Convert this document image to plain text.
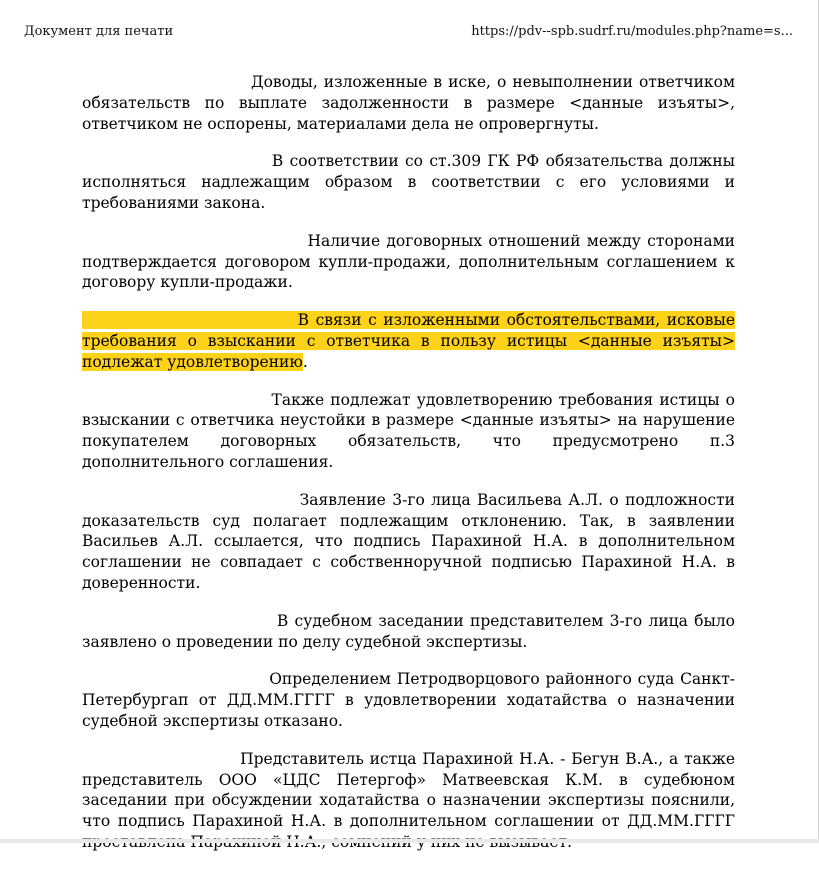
Документ для печати	https://pdv--spb.sudrf.ru/modules.php?name=s...

Доводы, изложенные в иске, о невыполнении ответчиком обязательств по выплате задолженности в размере <данные изъяты>, ответчиком не оспорены, материалами дела не опровергнуты.

В соответствии со ст.309 ГК РФ обязательства должны исполняться надлежащим образом в соответствии с его условиями и требованиями закона.

Наличие договорных отношений между сторонами подтверждается договором купли-продажи, дополнительным соглашением к договору купли-продажи.

В связи с изложенными обстоятельствами, исковые требования о взыскании с ответчика в пользу истицы <данные изъяты> подлежат удовлетворению.

Также подлежат удовлетворению требования истицы о взыскании с ответчика неустойки в размере <данные изъяты> на нарушение покупателем договорных обязательств, что предусмотрено п.3 дополнительного соглашения.

Заявление 3-го лица Васильева А.Л. о подложности доказательств суд полагает подлежащим отклонению. Так, в заявлении Васильев А.Л. ссылается, что подпись Парахиной Н.А. в дополнительном соглашении не совпадает с собственноручной подписью Парахиной Н.А. в доверенности.

В судебном заседании представителем 3-го лица было заявлено о проведении по делу судебной экспертизы.

Определением Петродворцового районного суда Санкт-Петербургап от ДД.ММ.ГГГГ в удовлетворении ходатайства о назначении судебной экспертизы отказано.

Представитель истца Парахиной Н.А. - Бегун В.А., а также представитель ООО «ЦДС Петергоф» Матвеевская К.М. в судебюном заседании при обсуждении ходатайства о назначении экспертизы пояснили, что подпись Парахиной Н.А. в дополнительном соглашении от ДД.ММ.ГГГГ
